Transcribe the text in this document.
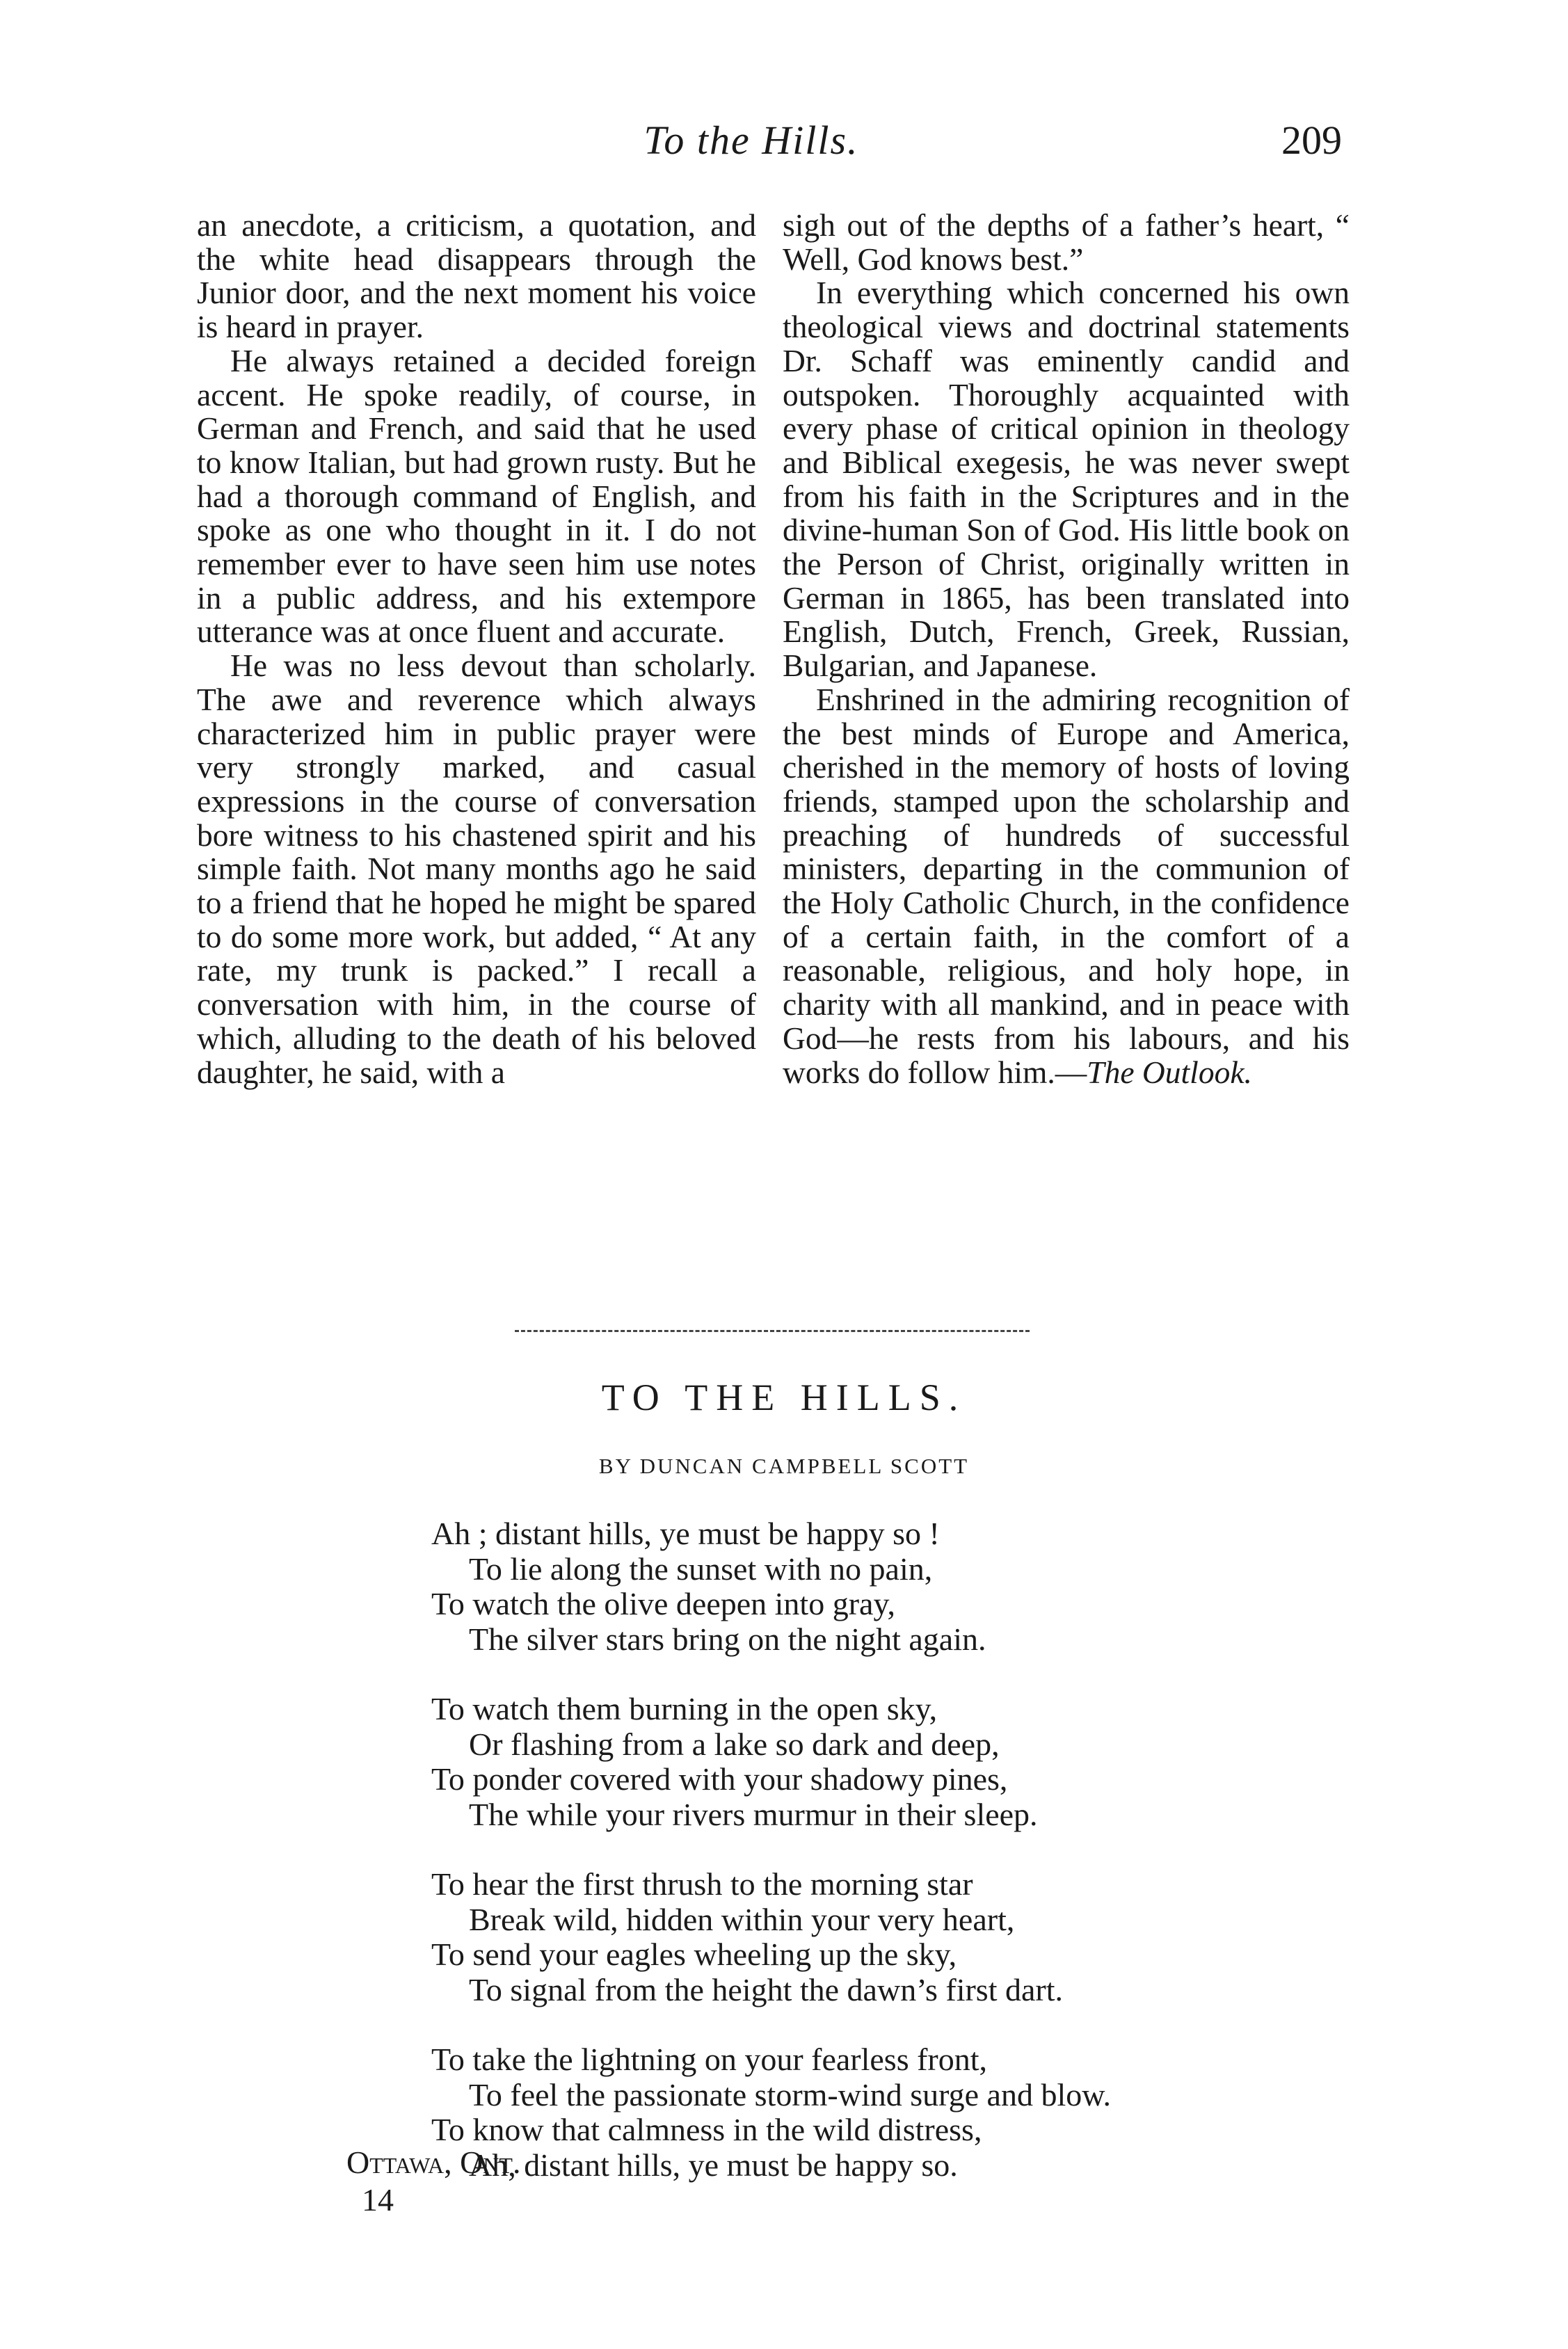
To the Hills.	209

an anecdote, a criticism, a quotation, and the white head disappears through the Junior door, and the next moment his voice is heard in prayer.

He always retained a decided foreign accent. He spoke readily, of course, in German and French, and said that he used to know Italian, but had grown rusty. But he had a thorough command of English, and spoke as one who thought in it. I do not remember ever to have seen him use notes in a public address, and his extempore utterance was at once fluent and accurate.

He was no less devout than scholarly. The awe and reverence which always characterized him in public prayer were very strongly marked, and casual expressions in the course of conversation bore witness to his chastened spirit and his simple faith. Not many months ago he said to a friend that he hoped he might be spared to do some more work, but added, “ At any rate, my trunk is packed.” I recall a conversation with him, in the course of which, alluding to the death of his beloved daughter, he said, with a

sigh out of the depths of a father’s heart, “ Well, God knows best.”

In everything which concerned his own theological views and doctrinal statements Dr. Schaff was eminently candid and outspoken. Thoroughly acquainted with every phase of critical opinion in theology and Biblical exegesis, he was never swept from his faith in the Scriptures and in the divine-human Son of God. His little book on the Person of Christ, originally written in German in 1865, has been translated into English, Dutch, French, Greek, Russian, Bulgarian, and Japanese.

Enshrined in the admiring recognition of the best minds of Europe and America, cherished in the memory of hosts of loving friends, stamped upon the scholarship and preaching of hundreds of successful ministers, departing in the communion of the Holy Catholic Church, in the confidence of a certain faith, in the comfort of a reasonable, religious, and holy hope, in charity with all mankind, and in peace with God—he rests from his labours, and his works do follow him.—The Outlook.

TO THE HILLS.
BY DUNCAN CAMPBELL SCOTT
Ah ; distant hills, ye must be happy so !
To lie along the sunset with no pain,
To watch the olive deepen into gray,
The silver stars bring on the night again.
To watch them burning in the open sky,
Or flashing from a lake so dark and deep,
To ponder covered with your shadowy pines,
The while your rivers murmur in their sleep.
To hear the first thrush to the morning star
Break wild, hidden within your very heart,
To send your eagles wheeling up the sky,
To signal from the height the dawn’s first dart.
To take the lightning on your fearless front,
To feel the passionate storm-wind surge and blow.
To know that calmness in the wild distress,
Ah, distant hills, ye must be happy so.
Ottawa, Ont.
14
